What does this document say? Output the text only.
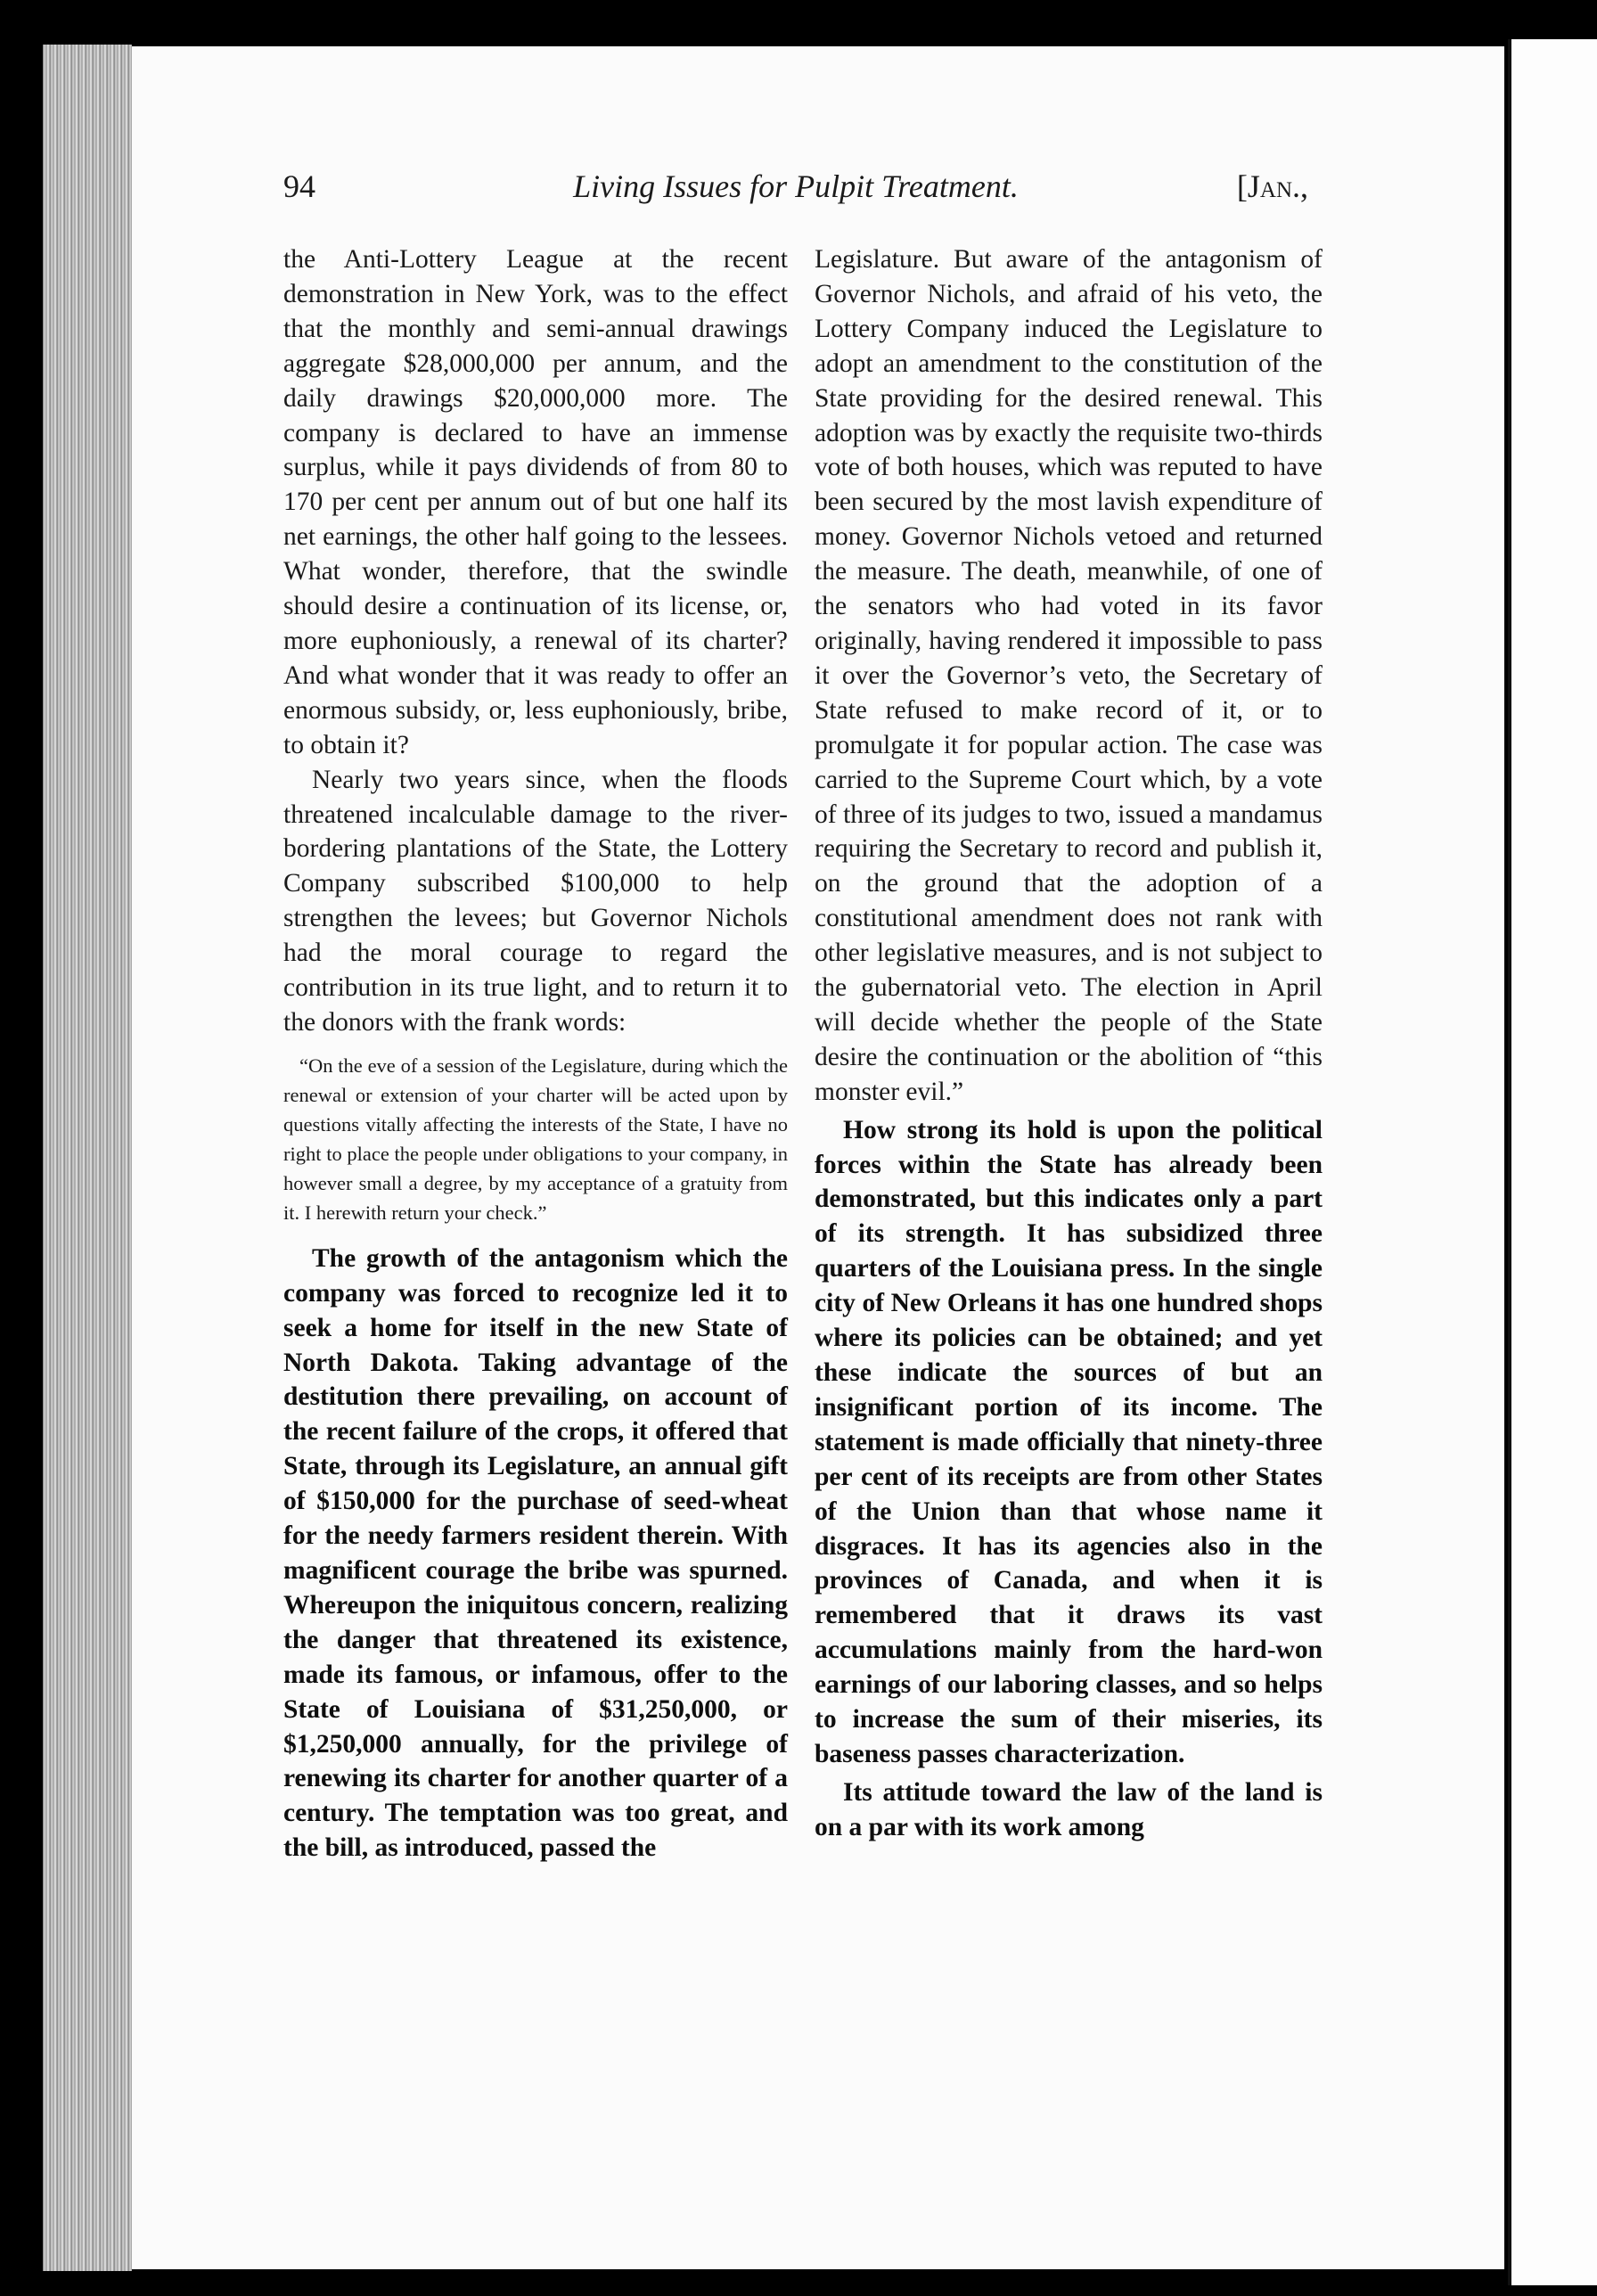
94	Living Issues for Pulpit Treatment.	[Jan.,

the Anti-Lottery League at the recent demonstration in New York, was to the effect that the monthly and semi-annual drawings aggregate $28,000,000 per annum, and the daily drawings $20,000,000 more. The company is declared to have an immense surplus, while it pays dividends of from 80 to 170 per cent per annum out of but one half its net earnings, the other half going to the lessees. What wonder, therefore, that the swindle should desire a continuation of its license, or, more euphoniously, a renewal of its charter? And what wonder that it was ready to offer an enormous subsidy, or, less euphoniously, bribe, to obtain it?

Nearly two years since, when the floods threatened incalculable damage to the river-bordering plantations of the State, the Lottery Company subscribed $100,000 to help strengthen the levees; but Governor Nichols had the moral courage to regard the contribution in its true light, and to return it to the donors with the frank words:

“On the eve of a session of the Legislature, during which the renewal or extension of your charter will be acted upon by questions vitally affecting the interests of the State, I have no right to place the people under obligations to your company, in however small a degree, by my acceptance of a gratuity from it. I herewith return your check.”

The growth of the antagonism which the company was forced to recognize led it to seek a home for itself in the new State of North Dakota. Taking advantage of the destitution there prevailing, on account of the recent failure of the crops, it offered that State, through its Legislature, an annual gift of $150,000 for the purchase of seed-wheat for the needy farmers resident therein. With magnificent courage the bribe was spurned. Whereupon the iniquitous concern, realizing the danger that threatened its existence, made its famous, or infamous, offer to the State of Louisiana of $31,250,000, or $1,250,000 annually, for the privilege of renewing its charter for another quarter of a century. The temptation was too great, and the bill, as introduced, passed the

Legislature. But aware of the antagonism of Governor Nichols, and afraid of his veto, the Lottery Company induced the Legislature to adopt an amendment to the constitution of the State providing for the desired renewal. This adoption was by exactly the requisite two-thirds vote of both houses, which was reputed to have been secured by the most lavish expenditure of money. Governor Nichols vetoed and returned the measure. The death, meanwhile, of one of the senators who had voted in its favor originally, having rendered it impossible to pass it over the Governor’s veto, the Secretary of State refused to make record of it, or to promulgate it for popular action. The case was carried to the Supreme Court which, by a vote of three of its judges to two, issued a mandamus requiring the Secretary to record and publish it, on the ground that the adoption of a constitutional amendment does not rank with other legislative measures, and is not subject to the gubernatorial veto. The election in April will decide whether the people of the State desire the continuation or the abolition of “this monster evil.”

How strong its hold is upon the political forces within the State has already been demonstrated, but this indicates only a part of its strength. It has subsidized three quarters of the Louisiana press. In the single city of New Orleans it has one hundred shops where its policies can be obtained; and yet these indicate the sources of but an insignificant portion of its income. The statement is made officially that ninety-three per cent of its receipts are from other States of the Union than that whose name it disgraces. It has its agencies also in the provinces of Canada, and when it is remembered that it draws its vast accumulations mainly from the hard-won earnings of our laboring classes, and so helps to increase the sum of their miseries, its baseness passes characterization.

Its attitude toward the law of the land is on a par with its work among
